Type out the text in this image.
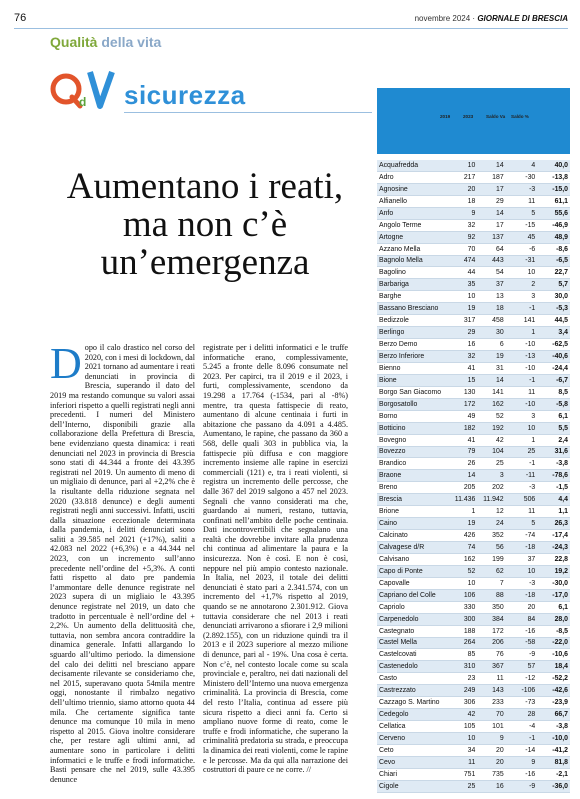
76	novembre 2024 · GIORNALE DI BRESCIA
Qualità della vita
d sicurezza
Aumentano i reati, ma non c’è un’emergenza
D opo il calo drastico nel corso del 2020, con i mesi di lockdown, dal 2021 tornano ad aumentare i reati denunciati in provincia di Brescia, superando il dato del 2019 ma restando comunque su valori assai inferiori rispetto a quelli registrati negli anni precedenti. I numeri del Ministero dell’Interno, disponibili grazie alla collaborazione della Prefettura di Brescia, bene evidenziano questa dinamica: i reati denunciati nel 2023 in provincia di Brescia sono stati di 44.344 a fronte dei 43.395 registrati nel 2019. Un aumento di meno di un migliaio di denunce, pari al +2,2% che è la risultante della riduzione segnata nel 2020 (33.818 denunce) e degli aumenti registrati negli anni successivi. Infatti, usciti dalla situazione eccezionale determinata dalla pandemia, i delitti denunciati sono saliti a 39.585 nel 2021 (+17%), saliti a 42.083 nel 2022 (+6,3%) e a 44.344 nel 2023, con un incremento sull’anno precedente nell’ordine del +5,3%. A conti fatti rispetto al dato pre pandemia l’ammontare delle denunce registrate nel 2023 supera di un migliaio le 43.395 denunce registrate nel 2019, un dato che tradotto in percentuale è nell’ordine del + 2,2%. Un aumento della delittuosità che, tuttavia, non sembra ancora contraddire la dinamica generale. Infatti allargando lo sguardo all’ultimo periodo. la dimensione del calo dei delitti nel bresciano appare decisamente rilevante se consideriamo che, nel 2015, superavano quota 54mila mentre oggi, nonostante il rimbalzo negativo dell’ultimo triennio, siamo attorno quota 44 mila. Che certamente significa tante denunce ma comunque 10 mila in meno rispetto al 2015. Giova inoltre considerare che, per restare agli ultimi anni, ad aumentare sono in particolare i delitti informatici e le truffe e frodi informatiche. Basti pensare che nel 2019, sulle 43.395 denunce
registrate per i delitti informatici e le truffe informatiche erano, complessivamente, 5.245 a fronte delle 8.096 consumate nel 2023. Per capirci, tra il 2019 e il 2023, i furti, complessivamente, scendono da 19.298 a 17.764 (-1534, pari al -8%) mentre, tra questa fattispecie di reato, aumentano di alcune centinaia i furti in abitazione che passano da 4.091 a 4.485. Aumentano, le rapine, che passano da 360 a 568, delle quali 303 in pubblica via, la fattispecie più diffusa e con maggiore incremento insieme alle rapine in esercizi commerciali (121) e, tra i reati violenti, si registra un incremento delle percosse, che dalle 367 del 2019 salgono a 457 nel 2023. Segnali che vanno considerati ma che, guardando ai numeri, restano, tuttavia, confinati nell’ambito delle poche centinaia. Dati incontrovertibili che segnalano una realtà che dovrebbe invitare alla prudenza chi continua ad alimentare la paura e la insicurezza. Non è così. E non è così, neppure nel più ampio contesto nazionale. In Italia, nel 2023, il totale dei delitti denunciati è stato pari a 2.341.574, con un incremento del +1,7% rispetto al 2019, quando se ne annotarono 2.301.912. Giova tuttavia considerare che nel 2013 i reati denunciati arrivarono a sfiorare i 2,9 milioni (2.892.155), con un riduzione quindi tra il 2013 e il 2023 superiore al mezzo milione di denunce, pari al - 19%. Una cosa è certa. Non c’è, nel contesto locale come su scala provinciale e, peraltro, nei dati nazionali del Ministero dell’Interno una nuova emergenza criminalità. La provincia di Brescia, come del resto l’Italia, continua ad essere più sicura rispetto a dieci anni fa. Certo si ampliano nuove forme di reato, come le truffe e frodi informatiche, che superano la criminalità predatoria su strada, e preoccupa la dinamica dei reati violenti, come le rapine e le percosse. Ma da qui alla narrazione dei costruttori di paure ce ne corre. //
2019	2023	Saldo Va Saldo %
Acquafredda	10	14	4	40,0
Adro	217	187	-30	-13,8
Agnosine	20	17	-3	-15,0
Alfianello	18	29	11	61,1
Anfo	9	14	5	55,6
Angolo Terme	32	17	-15	-46,9
Artogne	92	137	45	48,9
Azzano Mella	70	64	-6	-8,6
Bagnolo Mella	474	443	-31	-6,5
Bagolino	44	54	10	22,7
Barbariga	35	37	2	5,7
Barghe	10	13	3	30,0
Bassano Bresciano	19	18	-1	-5,3
Bedizzole	317	458	141	44,5
Berlingo	29	30	1	3,4
Berzo Demo	16	6	-10	-62,5
Berzo Inferiore	32	19	-13	-40,6
Bienno	41	31	-10	-24,4
Bione	15	14	-1	-6,7
Borgo San Giacomo	130	141	11	8,5
Borgosatollo	172	162	-10	-5,8
Borno	49	52	3	6,1
Botticino	182	192	10	5,5
Bovegno	41	42	1	2,4
Bovezzo	79	104	25	31,6
Brandico	26	25	-1	-3,8
Braone	14	3	-11	-78,6
Breno	205	202	-3	-1,5
Brescia	11.436	11.942	506	4,4
Brione	1	12	11	1,1
Caino	19	24	5	26,3
Calcinato	426	352	-74	-17,4
Calvagese d/R	74	56	-18	-24,3
Calvisano	162	199	37	22,8
Capo di Ponte	52	62	10	19,2
Capovalle	10	7	-3	-30,0
Capriano del Colle	106	88	-18	-17,0
Capriolo	330	350	20	6,1
Carpenedolo	300	384	84	28,0
Castegnato	188	172	-16	-8,5
Castel Mella	264	206	-58	-22,0
Castelcovati	85	76	-9	-10,6
Castenedolo	310	367	57	18,4
Casto	23	11	-12	-52,2
Castrezzato	249	143	-106	-42,6
Cazzago S. Martino	306	233	-73	-23,9
Cedegolo	42	70	28	66,7
Cellatica	105	101	-4	-3,8
Cerveno	10	9	-1	-10,0
Ceto	34	20	-14	-41,2
Cevo	11	20	9	81,8
Chiari	751	735	-16	-2,1
Cigole	25	16	-9	-36,0
